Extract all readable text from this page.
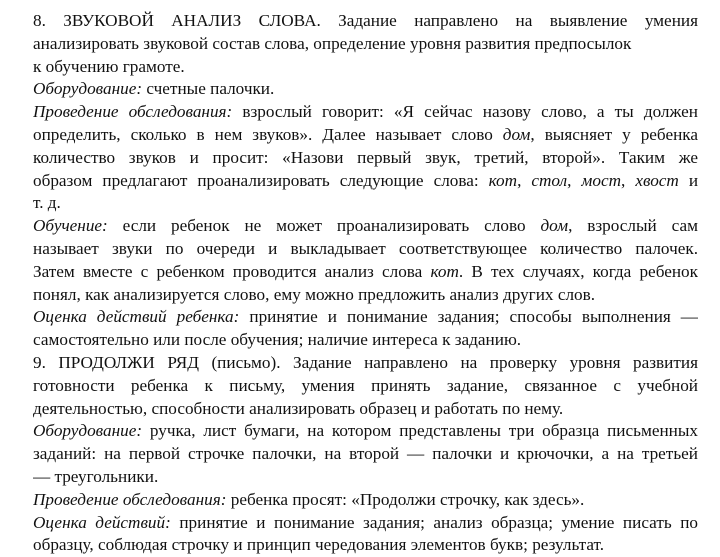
8. ЗВУКОВОЙ АНАЛИЗ СЛОВА. Задание направлено на выявление умения
анализировать звуковой состав слова, определение уровня развития предпосылок
к обучению грамоте.
Оборудование: счетные палочки.
Проведение обследования: взрослый говорит: «Я сейчас назову слово, а ты должен
определить, сколько в нем звуков». Далее называет слово дом, выясняет у ребенка
количество звуков и просит: «Назови первый звук, третий, второй». Таким же
образом предлагают проанализировать следующие слова: кот, стол, мост, хвост и
т. д.
Обучение: если ребенок не может проанализировать слово дом, взрослый сам
называет звуки по очереди и выкладывает соответствующее количество палочек.
Затем вместе с ребенком проводится анализ слова кот. В тех случаях, когда ребенок
понял, как анализируется слово, ему можно предложить анализ других слов.
Оценка действий ребенка: принятие и понимание задания; способы выполнения —
самостоятельно или после обучения; наличие интереса к заданию.
9. ПРОДОЛЖИ РЯД (письмо). Задание направлено на проверку уровня развития
готовности ребенка к письму, умения принять задание, связанное с учебной
деятельностью, способности анализировать образец и работать по нему.
Оборудование: ручка, лист бумаги, на котором представлены три образца письменных
заданий: на первой строчке палочки, на второй — палочки и крючочки, а на третьей
— треугольники.
Проведение обследования: ребенка просят: «Продолжи строчку, как здесь».
Оценка действий: принятие и понимание задания; анализ образца; умение писать по
образцу, соблюдая строчку и принцип чередования элементов букв; результат.
